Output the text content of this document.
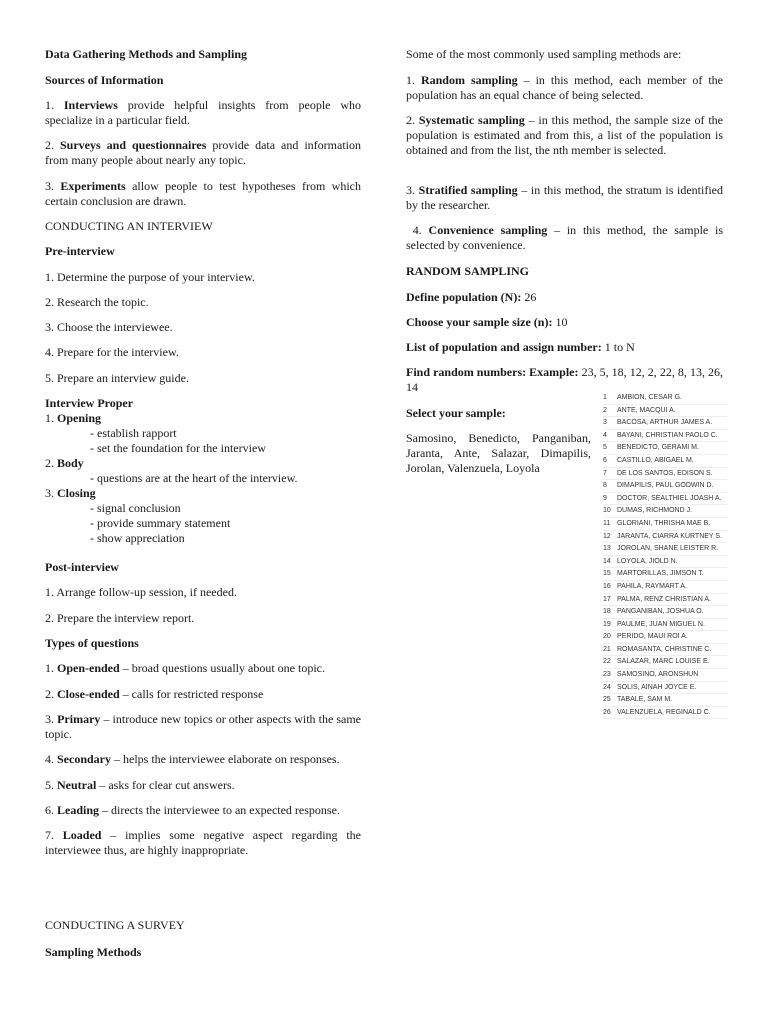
Data Gathering Methods and Sampling

Sources of Information

1. Interviews provide helpful insights from people who specialize in a particular field.

2. Surveys and questionnaires provide data and information from many people about nearly any topic.

3. Experiments allow people to test hypotheses from which certain conclusion are drawn.

CONDUCTING AN INTERVIEW

Pre-interview

1. Determine the purpose of your interview.

2. Research the topic.

3. Choose the interviewee.

4. Prepare for the interview.

5. Prepare an interview guide.

Interview Proper
1. Opening
- establish rapport
- set the foundation for the interview
2. Body
- questions are at the heart of the interview.
3. Closing
- signal conclusion
- provide summary statement
- show appreciation

Post-interview

1. Arrange follow-up session, if needed.

2. Prepare the interview report.

Types of questions

1. Open-ended – broad questions usually about one topic.

2. Close-ended – calls for restricted response

3. Primary – introduce new topics or other aspects with the same topic.

4. Secondary – helps the interviewee elaborate on responses.

5. Neutral – asks for clear cut answers.

6. Leading – directs the interviewee to an expected response.

7. Loaded – implies some negative aspect regarding the interviewee thus, are highly inappropriate.

CONDUCTING A SURVEY

Sampling Methods

Some of the most commonly used sampling methods are:

1. Random sampling – in this method, each member of the population has an equal chance of being selected.

2. Systematic sampling – in this method, the sample size of the population is estimated and from this, a list of the population is obtained and from the list, the nth member is selected.

3. Stratified sampling – in this method, the stratum is identified by the researcher.

4. Convenience sampling – in this method, the sample is selected by convenience.

RANDOM SAMPLING

Define population (N): 26

Choose your sample size (n): 10

List of population and assign number: 1 to N

Find random numbers: Example: 23, 5, 18, 12, 2, 22, 8, 13, 26, 14

Select your sample:

Samosino, Benedicto, Panganiban, Jaranta, Ante, Salazar, Dimapilis, Jorolan, Valenzuela, Loyola

1 AMBION, CESAR G.
2 ANTE, MACQUI A.
3 BACOSA, ARTHUR JAMES A.
4 BAYANI, CHRISTIAN PAOLO C.
5 BENEDICTO, GERAMI M.
6 CASTILLO, ABIGAEL M.
7 DE LOS SANTOS, EDISON S.
8 DIMAPILIS, PAUL GODWIN D.
9 DOCTOR, SEALTHIEL JOASH A.
10 DUMAS, RICHMOND J.
11 GLORIANI, THRISHA MAE B.
12 JARANTA, CIARRA KURTNEY S.
13 JOROLAN, SHANE LEISTER R.
14 LOYOLA, JIOLD N.
15 MARTORILLAS, JIMSON T.
16 PAHILA, RAYMART A.
17 PALMA, RENZ CHRISTIAN A.
18 PANGANIBAN, JOSHUA O.
19 PAULME, JUAN MIGUEL N.
20 PERIDO, MAUI ROI A.
21 ROMASANTA, CHRISTINE C.
22 SALAZAR, MARC LOUISE E.
23 SAMOSINO, ARONSHUN
24 SOLIS, AINAH JOYCE E.
25 TABALE, SAM M.
26 VALENZUELA, REGINALD C.
